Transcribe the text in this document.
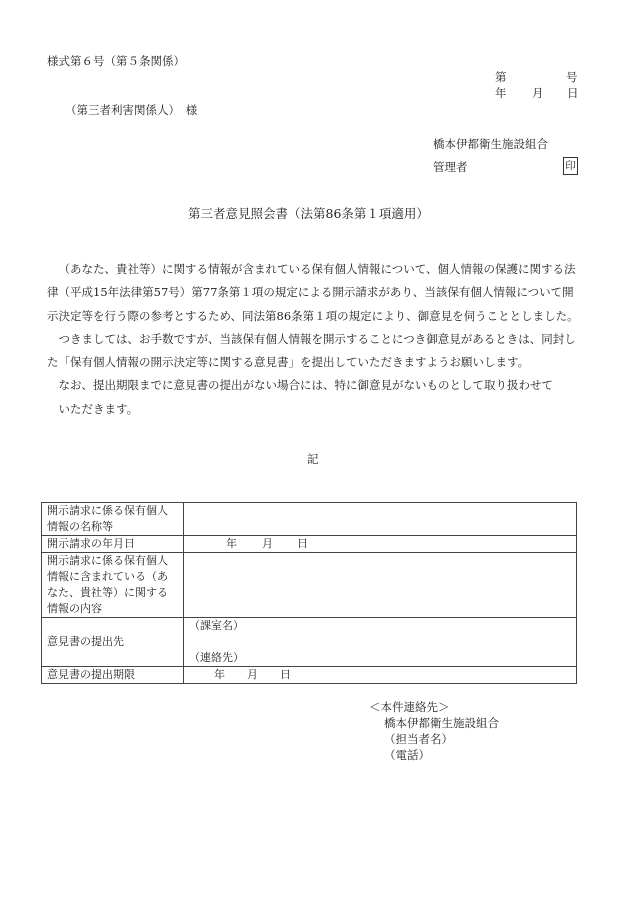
様式第６号（第５条関係）
第	号
年 月 日
（第三者利害関係人）　様
橋本伊都衛生施設組合
管理者	印
第三者意見照会書（法第86条第１項適用）

（あなた、貴社等）に関する情報が含まれている保有個人情報について、個人情報の保護に関する法律（平成15年法律第57号）第77条第１項の規定による開示請求があり、当該保有個人情報について開示決定等を行う際の参考とするため、同法第86条第１項の規定により、御意見を伺うこととしました。

つきましては、お手数ですが、当該保有個人情報を開示することにつき御意見があるときは、同封した「保有個人情報の開示決定等に関する意見書」を提出していただきますようお願いします。

なお、提出期限までに意見書の提出がない場合には、特に御意見がないものとして取り扱わせて
いただきます。

記
開示請求に係る保有個人情報の名称等	
開示請求の年月日	年 月 日
開示請求に係る保有個人情報に含まれている（あなた、貴社等）に関する情報の内容	
意見書の提出先	（課室名）
（連絡先）

意見書の提出期限	年 月 日
＜本件連絡先＞
橋本伊都衛生施設組合
（担当者名）
（電話）
